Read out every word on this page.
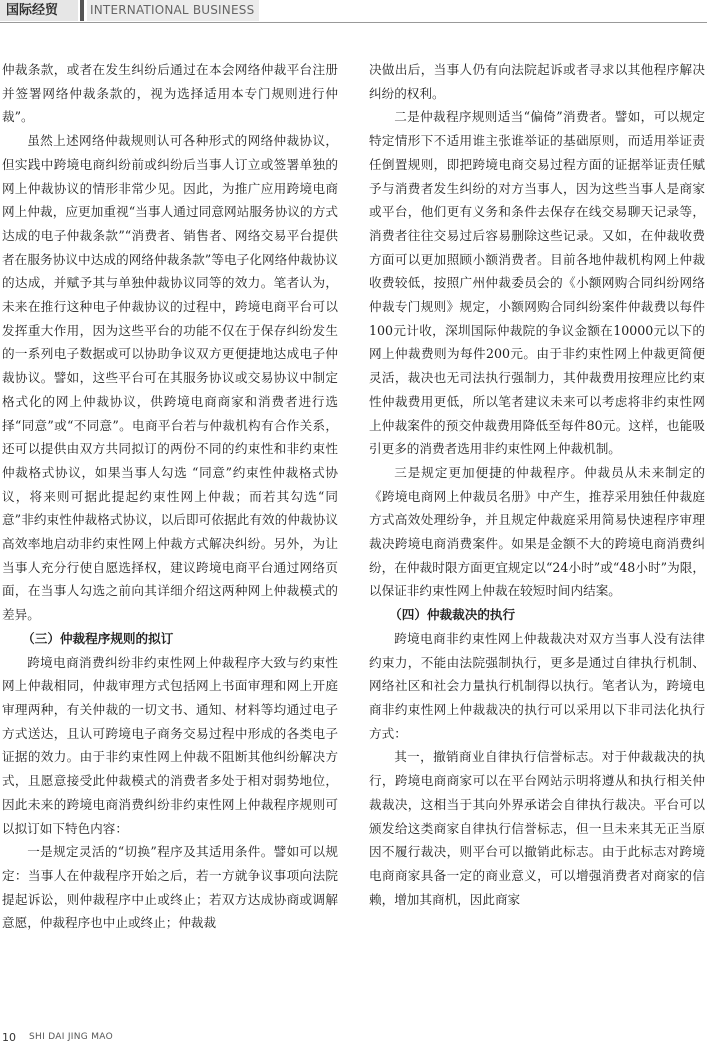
国际经贸	INTERNATIONAL BUSINESS

仲裁条款，或者在发生纠纷后通过在本会网络仲裁平台注册并签署网络仲裁条款的，视为选择适用本专门规则进行仲裁”。

虽然上述网络仲裁规则认可各种形式的网络仲裁协议，但实践中跨境电商纠纷前或纠纷后当事人订立或签署单独的网上仲裁协议的情形非常少见。因此，为推广应用跨境电商网上仲裁，应更加重视“当事人通过同意网站服务协议的方式达成的电子仲裁条款”“消费者、销售者、网络交易平台提供者在服务协议中达成的网络仲裁条款”等电子化网络仲裁协议的达成，并赋予其与单独仲裁协议同等的效力。笔者认为，未来在推行这种电子仲裁协议的过程中，跨境电商平台可以发挥重大作用，因为这些平台的功能不仅在于保存纠纷发生的一系列电子数据或可以协助争议双方更便捷地达成电子仲裁协议。譬如，这些平台可在其服务协议或交易协议中制定格式化的网上仲裁协议，供跨境电商商家和消费者进行选择“同意”或“不同意”。电商平台若与仲裁机构有合作关系，还可以提供由双方共同拟订的两份不同的约束性和非约束性仲裁格式协议，如果当事人勾选 “同意”约束性仲裁格式协议，将来则可据此提起约束性网上仲裁；而若其勾选“同意”非约束性仲裁格式协议，以后即可依据此有效的仲裁协议高效率地启动非约束性网上仲裁方式解决纠纷。另外，为让当事人充分行使自愿选择权，建议跨境电商平台通过网络页面，在当事人勾选之前向其详细介绍这两种网上仲裁模式的差异。

（三）仲裁程序规则的拟订

跨境电商消费纠纷非约束性网上仲裁程序大致与约束性网上仲裁相同，仲裁审理方式包括网上书面审理和网上开庭审理两种，有关仲裁的一切文书、通知、材料等均通过电子方式送达，且认可跨境电子商务交易过程中形成的各类电子证据的效力。由于非约束性网上仲裁不阻断其他纠纷解决方式，且愿意接受此仲裁模式的消费者多处于相对弱势地位，因此未来的跨境电商消费纠纷非约束性网上仲裁程序规则可以拟订如下特色内容：

一是规定灵活的“切换”程序及其适用条件。譬如可以规定：当事人在仲裁程序开始之后，若一方就争议事项向法院提起诉讼，则仲裁程序中止或终止；若双方达成协商或调解意愿，仲裁程序也中止或终止；仲裁裁

决做出后，当事人仍有向法院起诉或者寻求以其他程序解决纠纷的权利。

二是仲裁程序规则适当“偏倚”消费者。譬如，可以规定特定情形下不适用谁主张谁举证的基础原则，而适用举证责任倒置规则，即把跨境电商交易过程方面的证据举证责任赋予与消费者发生纠纷的对方当事人，因为这些当事人是商家或平台，他们更有义务和条件去保存在线交易聊天记录等，消费者往往交易过后容易删除这些记录。又如，在仲裁收费方面可以更加照顾小额消费者。目前各地仲裁机构网上仲裁收费较低，按照广州仲裁委员会的《小额网购合同纠纷网络仲裁专门规则》规定，小额网购合同纠纷案件仲裁费以每件100元计收，深圳国际仲裁院的争议金额在10000元以下的网上仲裁费则为每件200元。由于非约束性网上仲裁更简便灵活，裁决也无司法执行强制力，其仲裁费用按理应比约束性仲裁费用更低，所以笔者建议未来可以考虑将非约束性网上仲裁案件的预交仲裁费用降低至每件80元。这样，也能吸引更多的消费者选用非约束性网上仲裁机制。

三是规定更加便捷的仲裁程序。仲裁员从未来制定的《跨境电商网上仲裁员名册》中产生，推荐采用独任仲裁庭方式高效处理纷争，并且规定仲裁庭采用简易快速程序审理裁决跨境电商消费案件。如果是金额不大的跨境电商消费纠纷，在仲裁时限方面更宜规定以“24小时”或“48小时”为限，以保证非约束性网上仲裁在较短时间内结案。

（四）仲裁裁决的执行

跨境电商非约束性网上仲裁裁决对双方当事人没有法律约束力，不能由法院强制执行，更多是通过自律执行机制、网络社区和社会力量执行机制得以执行。笔者认为，跨境电商非约束性网上仲裁裁决的执行可以采用以下非司法化执行方式：

其一，撤销商业自律执行信誉标志。对于仲裁裁决的执行，跨境电商商家可以在平台网站示明将遵从和执行相关仲裁裁决，这相当于其向外界承诺会自律执行裁决。平台可以颁发给这类商家自律执行信誉标志，但一旦未来其无正当原因不履行裁决，则平台可以撤销此标志。由于此标志对跨境电商商家具备一定的商业意义，可以增强消费者对商家的信赖，增加其商机，因此商家

10 SHI DAI JING MAO
